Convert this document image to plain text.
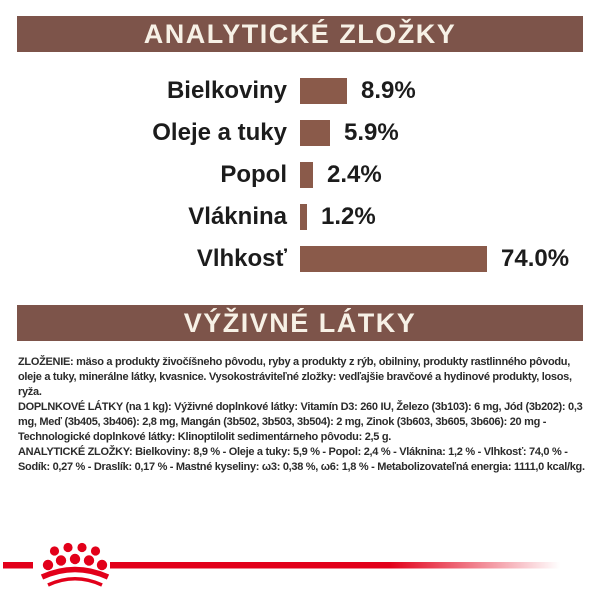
ANALYTICKÉ ZLOŽKY
Bielkoviny	8.9%
Oleje a tuky	5.9%
Popol	2.4%
Vláknina	1.2%
Vlhkosť	74.0%
VÝŽIVNÉ LÁTKY

ZLOŽENIE: mäso a produkty živočíšneho pôvodu, ryby a produkty z rýb, obilniny, produkty rastlinného pôvodu, oleje a tuky, minerálne látky, kvasnice. Vysokostráviteľné zložky: vedľajšie bravčové a hydinové produkty, losos, ryža.

DOPLNKOVÉ LÁTKY (na 1 kg): Výživné doplnkové látky: Vitamín D3: 260 IU, Železo (3b103): 6 mg, Jód (3b202): 0,3 mg, Meď (3b405, 3b406): 2,8 mg, Mangán (3b502, 3b503, 3b504): 2 mg, Zinok (3b603, 3b605, 3b606): 20 mg - Technologické doplnkové látky: Klinoptilolit sedimentárneho pôvodu: 2,5 g.

ANALYTICKÉ ZLOŽKY: Bielkoviny: 8,9 % - Oleje a tuky: 5,9 % - Popol: 2,4 % - Vláknina: 1,2 % - Vlhkosť: 74,0 % - Sodík: 0,27 % - Draslík: 0,17 % - Mastné kyseliny: ω3: 0,38 %, ω6: 1,8 % - Metabolizovateľná energia: 1111,0 kcal/kg.
